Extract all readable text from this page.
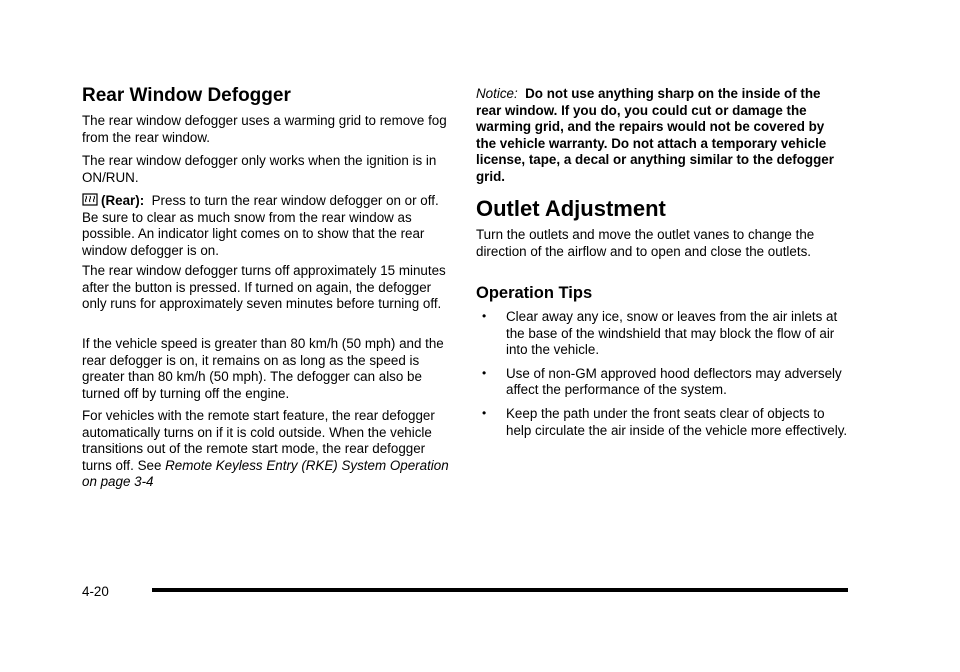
Rear Window Defogger

The rear window defogger uses a warming grid to remove fog from the rear window.

The rear window defogger only works when the ignition is in ON/RUN.

(Rear): Press to turn the rear window defogger on or off. Be sure to clear as much snow from the rear window as possible. An indicator light comes on to show that the rear window defogger is on.

The rear window defogger turns off approximately 15 minutes after the button is pressed. If turned on again, the defogger only runs for approximately seven minutes before turning off.

If the vehicle speed is greater than 80 km/h (50 mph) and the rear defogger is on, it remains on as long as the speed is greater than 80 km/h (50 mph). The defogger can also be turned off by turning off the engine.

For vehicles with the remote start feature, the rear defogger automatically turns on if it is cold outside. When the vehicle transitions out of the remote start mode, the rear defogger turns off. See Remote Keyless Entry (RKE) System Operation on page 3-4

Notice: Do not use anything sharp on the inside of the rear window. If you do, you could cut or damage the warming grid, and the repairs would not be covered by the vehicle warranty. Do not attach a temporary vehicle license, tape, a decal or anything similar to the defogger grid.

Outlet Adjustment

Turn the outlets and move the outlet vanes to change the direction of the airflow and to open and close the outlets.

Operation Tips
• Clear away any ice, snow or leaves from the air inlets at the base of the windshield that may block the flow of air into the vehicle.
• Use of non-GM approved hood deflectors may adversely affect the performance of the system.
• Keep the path under the front seats clear of objects to help circulate the air inside of the vehicle more effectively.
4-20
